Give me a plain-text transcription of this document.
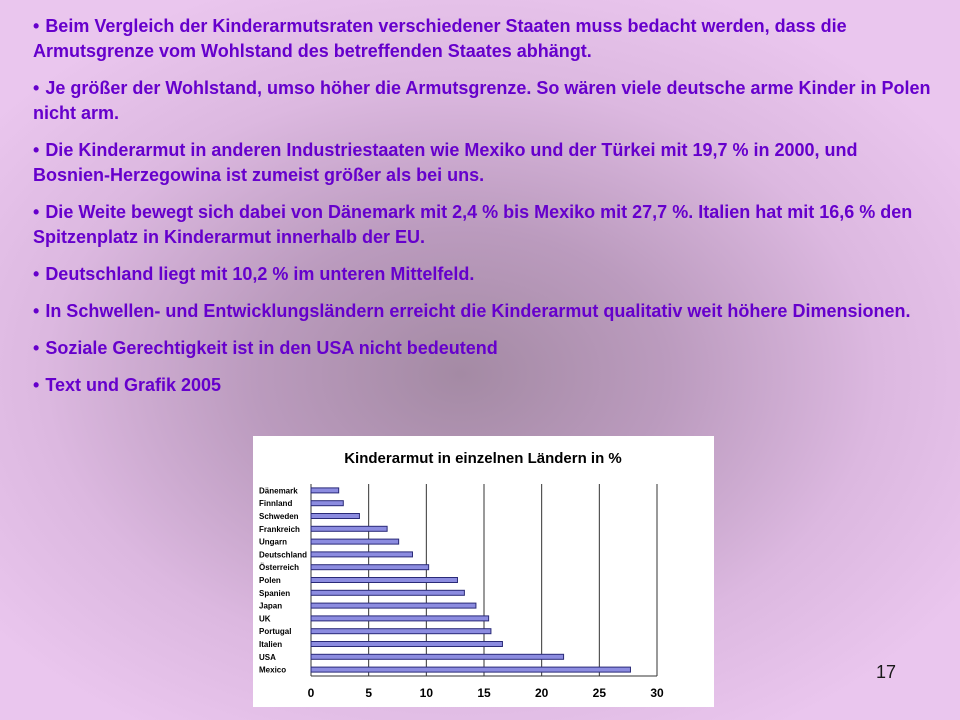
• Beim Vergleich der Kinderarmutsraten verschiedener Staaten muss bedacht werden, dass die Armutsgrenze vom Wohlstand des betreffenden Staates abhängt.
• Je größer der Wohlstand, umso höher die Armutsgrenze. So wären viele deutsche arme Kinder in Polen nicht arm.
• Die Kinderarmut in anderen Industriestaaten wie Mexiko und der Türkei mit 19,7 % in 2000, und Bosnien-Herzegowina ist zumeist größer als bei uns.
• Die Weite bewegt sich dabei von Dänemark mit 2,4 % bis Mexiko mit 27,7 %. Italien hat mit 16,6 % den Spitzenplatz in Kinderarmut innerhalb der EU.
• Deutschland liegt mit 10,2 % im unteren Mittelfeld.
• In Schwellen- und Entwicklungsländern erreicht die Kinderarmut qualitativ weit höhere Dimensionen.
• Soziale Gerechtigkeit ist in den USA nicht bedeutend
• Text und Grafik 2005
Kinderarmut in einzelnen Ländern in %
Dänemark
Finnland
Schweden
Frankreich
Ungarn
Deutschland
Österreich
Polen
Spanien
Japan
UK
Portugal
Italien
USA
Mexico
0	5	10	15	20	25	30
17
